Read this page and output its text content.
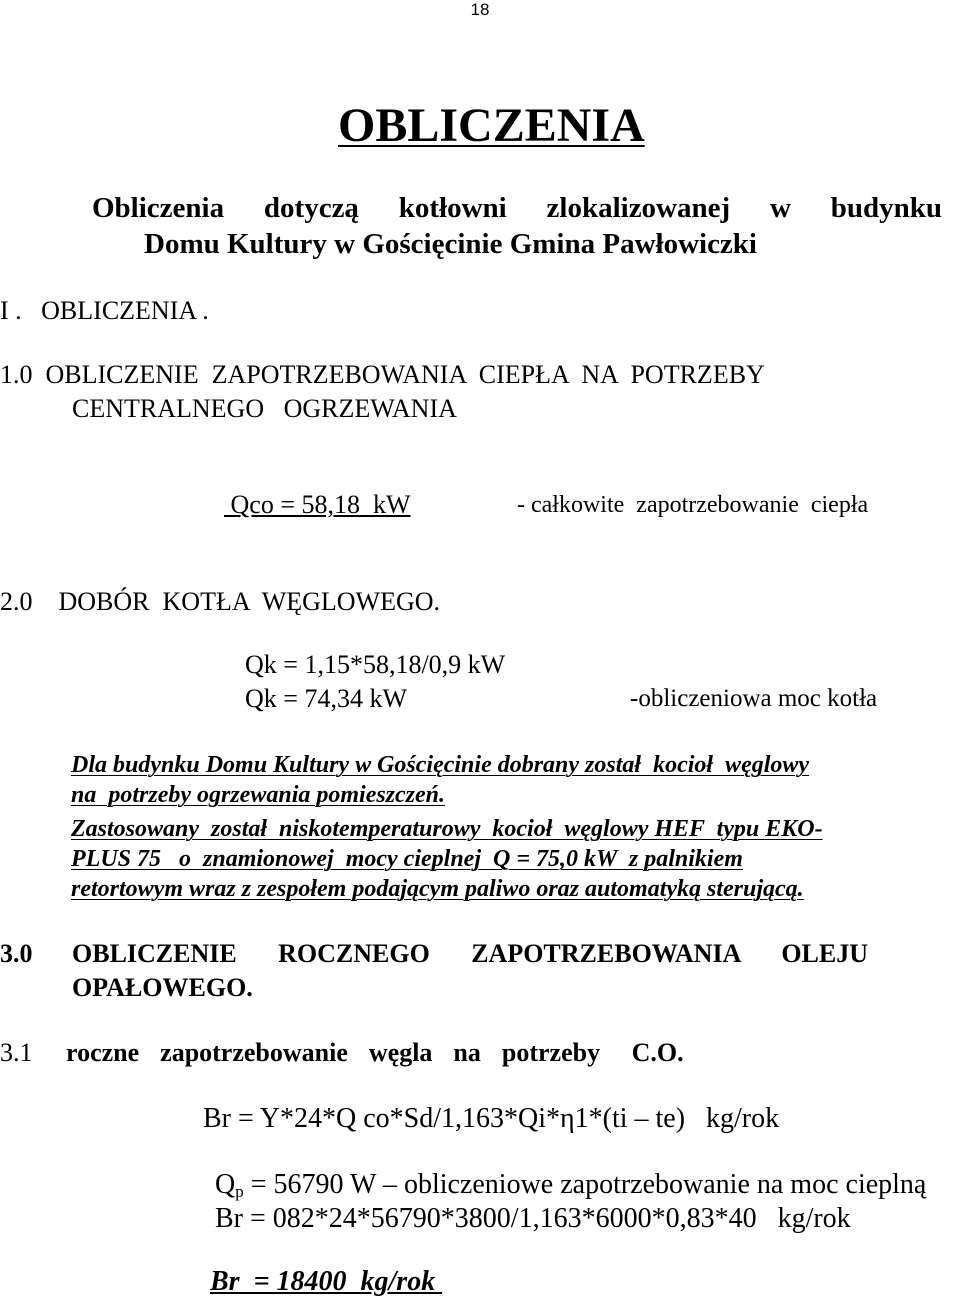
18
OBLICZENIA
Obliczenia dotyczą kotłowni zlokalizowanej w budynku
Domu Kultury w Gościęcinie Gmina Pawłowiczki
I .   OBLICZENIA .
1.0  OBLICZENIE  ZAPOTRZEBOWANIA  CIEPŁA  NA  POTRZEBY
CENTRALNEGO   OGRZEWANIA
Qco = 58,18  kW	- całkowite  zapotrzebowanie  ciepła
2.0    DOBÓR  KOTŁA  WĘGLOWEGO.
Qk = 1,15*58,18/0,9 kW
Qk = 74,34 kW	-obliczeniowa moc kotła
Dla budynku Domu Kultury w Gościęcinie dobrany został  kocioł  węglowy
na  potrzeby ogrzewania pomieszczeń.
Zastosowany  został  niskotemperaturowy  kocioł  węglowy HEF  typu EKO-
PLUS 75   o  znamionowej  mocy cieplnej  Q = 75,0 kW  z palnikiem
retortowym wraz z zespołem podającym paliwo oraz automatyką sterującą.
3.0 OBLICZENIE ROCZNEGO ZAPOTRZEBOWANIA OLEJU
OPAŁOWEGO.
3.1 roczne  zapotrzebowanie  węgla  na  potrzeby   C.O.
Br = Y*24*Q co*Sd/1,163*Qi*η1*(ti – te)   kg/rok
$Q_p = 56790$ W – obliczeniowe zapotrzebowanie na moc cieplną
Br = 082*24*56790*3800/1,163*6000*0,83*40   kg/rok
Br  = 18400  kg/rok
